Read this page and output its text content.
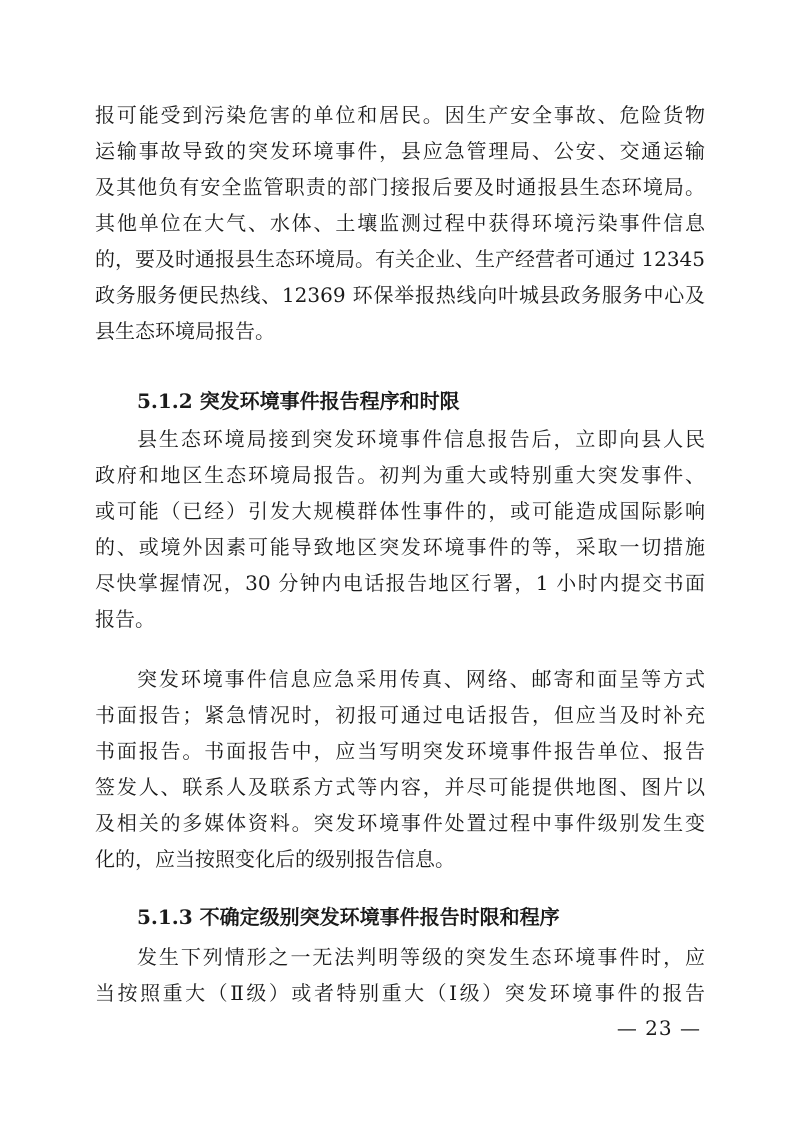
报可能受到污染危害的单位和居民。因生产安全事故、危险货物
运输事故导致的突发环境事件，县应急管理局、公安、交通运输
及其他负有安全监管职责的部门接报后要及时通报县生态环境局。
其他单位在大气、水体、土壤监测过程中获得环境污染事件信息
的，要及时通报县生态环境局。有关企业、生产经营者可通过 12345
政务服务便民热线、12369 环保举报热线向叶城县政务服务中心及
县生态环境局报告。
5.1.2 突发环境事件报告程序和时限
县生态环境局接到突发环境事件信息报告后，立即向县人民
政府和地区生态环境局报告。初判为重大或特别重大突发事件、
或可能（已经）引发大规模群体性事件的，或可能造成国际影响
的、或境外因素可能导致地区突发环境事件的等，采取一切措施
尽快掌握情况，30 分钟内电话报告地区行署，1 小时内提交书面
报告。
突发环境事件信息应急采用传真、网络、邮寄和面呈等方式
书面报告；紧急情况时，初报可通过电话报告，但应当及时补充
书面报告。书面报告中，应当写明突发环境事件报告单位、报告
签发人、联系人及联系方式等内容，并尽可能提供地图、图片以
及相关的多媒体资料。突发环境事件处置过程中事件级别发生变
化的，应当按照变化后的级别报告信息。
5.1.3 不确定级别突发环境事件报告时限和程序
发生下列情形之一无法判明等级的突发生态环境事件时，应
当按照重大（Ⅱ级）或者特别重大（Ⅰ级）突发环境事件的报告
— 23 —
